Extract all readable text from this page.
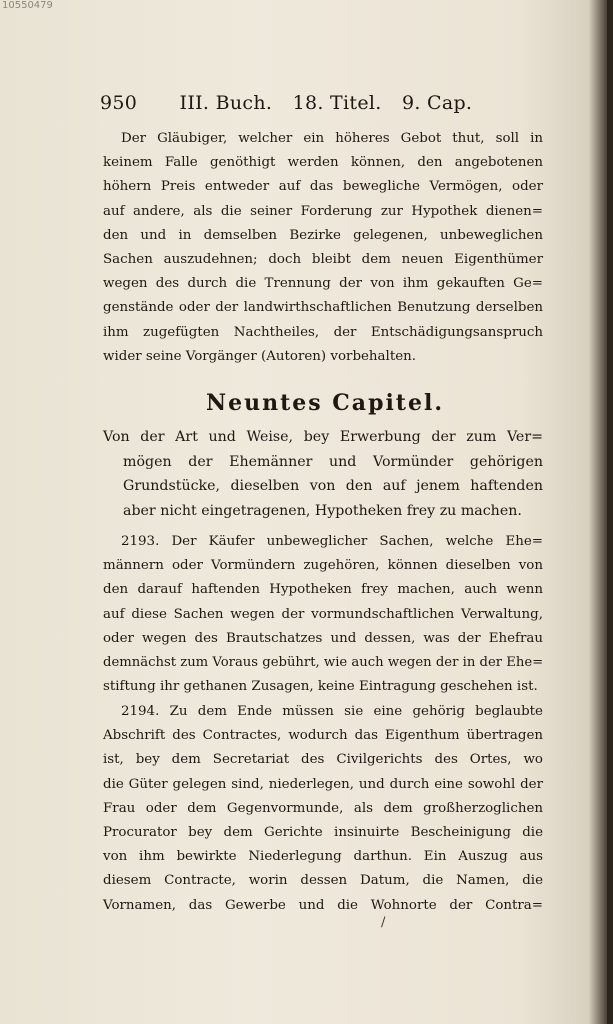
10550479
950 III. Buch. 18. Titel. 9. Cap.
Der Gläubiger, welcher ein höheres Gebot thut, soll in
keinem Falle genöthigt werden können, den angebotenen
höhern Preis entweder auf das bewegliche Vermögen, oder
auf andere, als die seiner Forderung zur Hypothek dienen=
den und in demselben Bezirke gelegenen, unbeweglichen
Sachen auszudehnen; doch bleibt dem neuen Eigenthümer
wegen des durch die Trennung der von ihm gekauften Ge=
genstände oder der landwirthschaftlichen Benutzung derselben
ihm zugefügten Nachtheiles, der Entschädigungsanspruch
wider seine Vorgänger (Autoren) vorbehalten.
Neuntes Capitel.
Von der Art und Weise, bey Erwerbung der zum Ver=
mögen der Ehemänner und Vormünder gehörigen
Grundstücke, dieselben von den auf jenem haftenden
aber nicht eingetragenen, Hypotheken frey zu machen.
2193. Der Käufer unbeweglicher Sachen, welche Ehe=
männern oder Vormündern zugehören, können dieselben von
den darauf haftenden Hypotheken frey machen, auch wenn
auf diese Sachen wegen der vormundschaftlichen Verwaltung,
oder wegen des Brautschatzes und dessen, was der Ehefrau
demnächst zum Voraus gebührt, wie auch wegen der in der Ehe=
stiftung ihr gethanen Zusagen, keine Eintragung geschehen ist.
2194. Zu dem Ende müssen sie eine gehörig beglaubte
Abschrift des Contractes, wodurch das Eigenthum übertragen
ist, bey dem Secretariat des Civilgerichts des Ortes, wo
die Güter gelegen sind, niederlegen, und durch eine sowohl der
Frau oder dem Gegenvormunde, als dem großherzoglichen
Procurator bey dem Gerichte insinuirte Bescheinigung die
von ihm bewirkte Niederlegung darthun. Ein Auszug aus
diesem Contracte, worin dessen Datum, die Namen, die
Vornamen, das Gewerbe und die Wohnorte der Contra=
/
